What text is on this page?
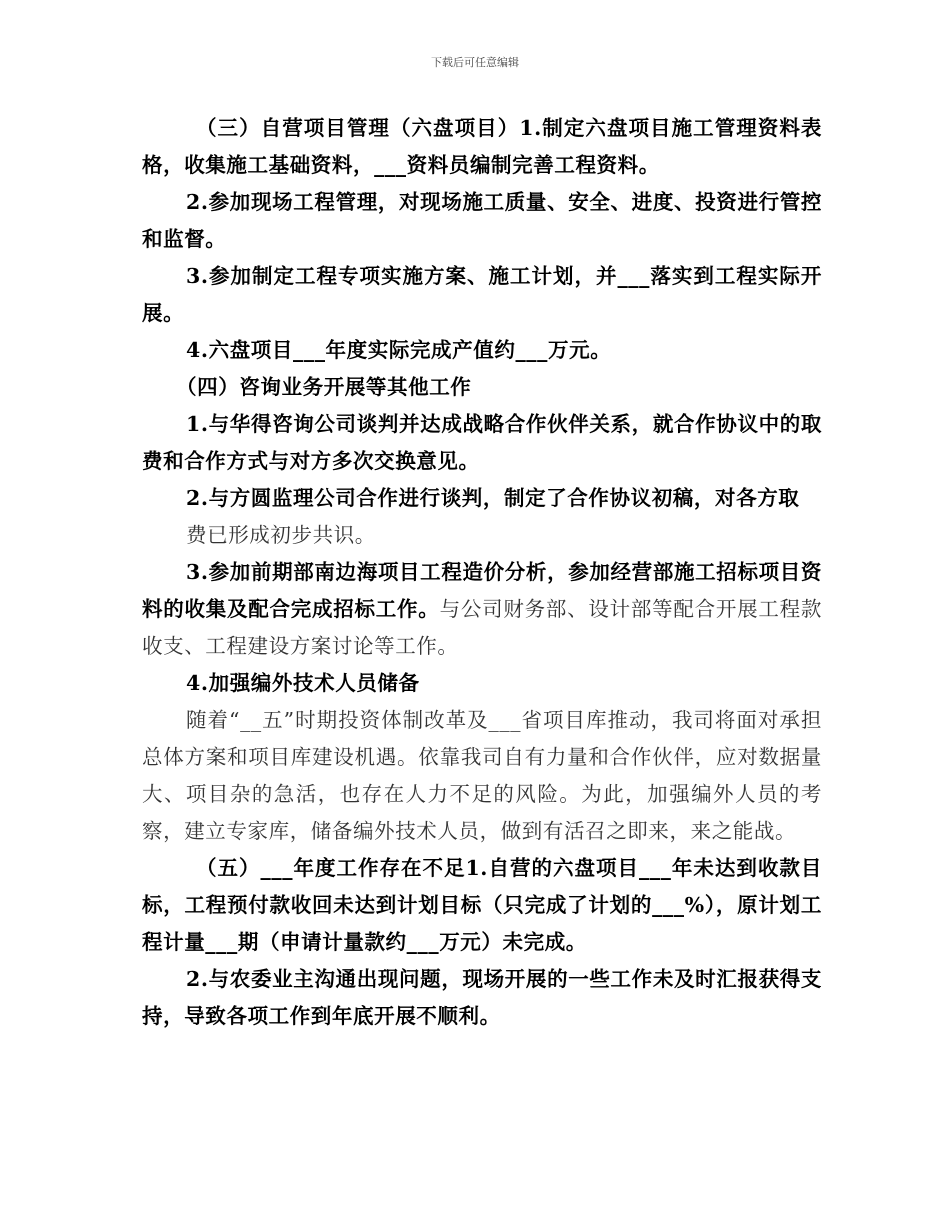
下载后可任意编辑

（三）自营项目管理（六盘项目）1.制定六盘项目施工管理资料表格，收集施工基础资料，___资料员编制完善工程资料。

2.参加现场工程管理，对现场施工质量、安全、进度、投资进行管控和监督。

3.参加制定工程专项实施方案、施工计划，并___落实到工程实际开展。

4.六盘项目___年度实际完成产值约___万元。

（四）咨询业务开展等其他工作

1.与华得咨询公司谈判并达成战略合作伙伴关系，就合作协议中的取费和合作方式与对方多次交换意见。

2.与方圆监理公司合作进行谈判，制定了合作协议初稿，对各方取

费已形成初步共识。

3.参加前期部南边海项目工程造价分析，参加经营部施工招标项目资料的收集及配合完成招标工作。与公司财务部、设计部等配合开展工程款收支、工程建设方案讨论等工作。

4.加强编外技术人员储备

随着“__五”时期投资体制改革及___省项目库推动，我司将面对承担总体方案和项目库建设机遇。依靠我司自有力量和合作伙伴，应对数据量大、项目杂的急活，也存在人力不足的风险。为此，加强编外人员的考察，建立专家库，储备编外技术人员，做到有活召之即来，来之能战。

（五）___年度工作存在不足1.自营的六盘项目___年未达到收款目标，工程预付款收回未达到计划目标（只完成了计划的___%），原计划工程计量___期（申请计量款约___万元）未完成。

2.与农委业主沟通出现问题，现场开展的一些工作未及时汇报获得支持，导致各项工作到年底开展不顺利。
